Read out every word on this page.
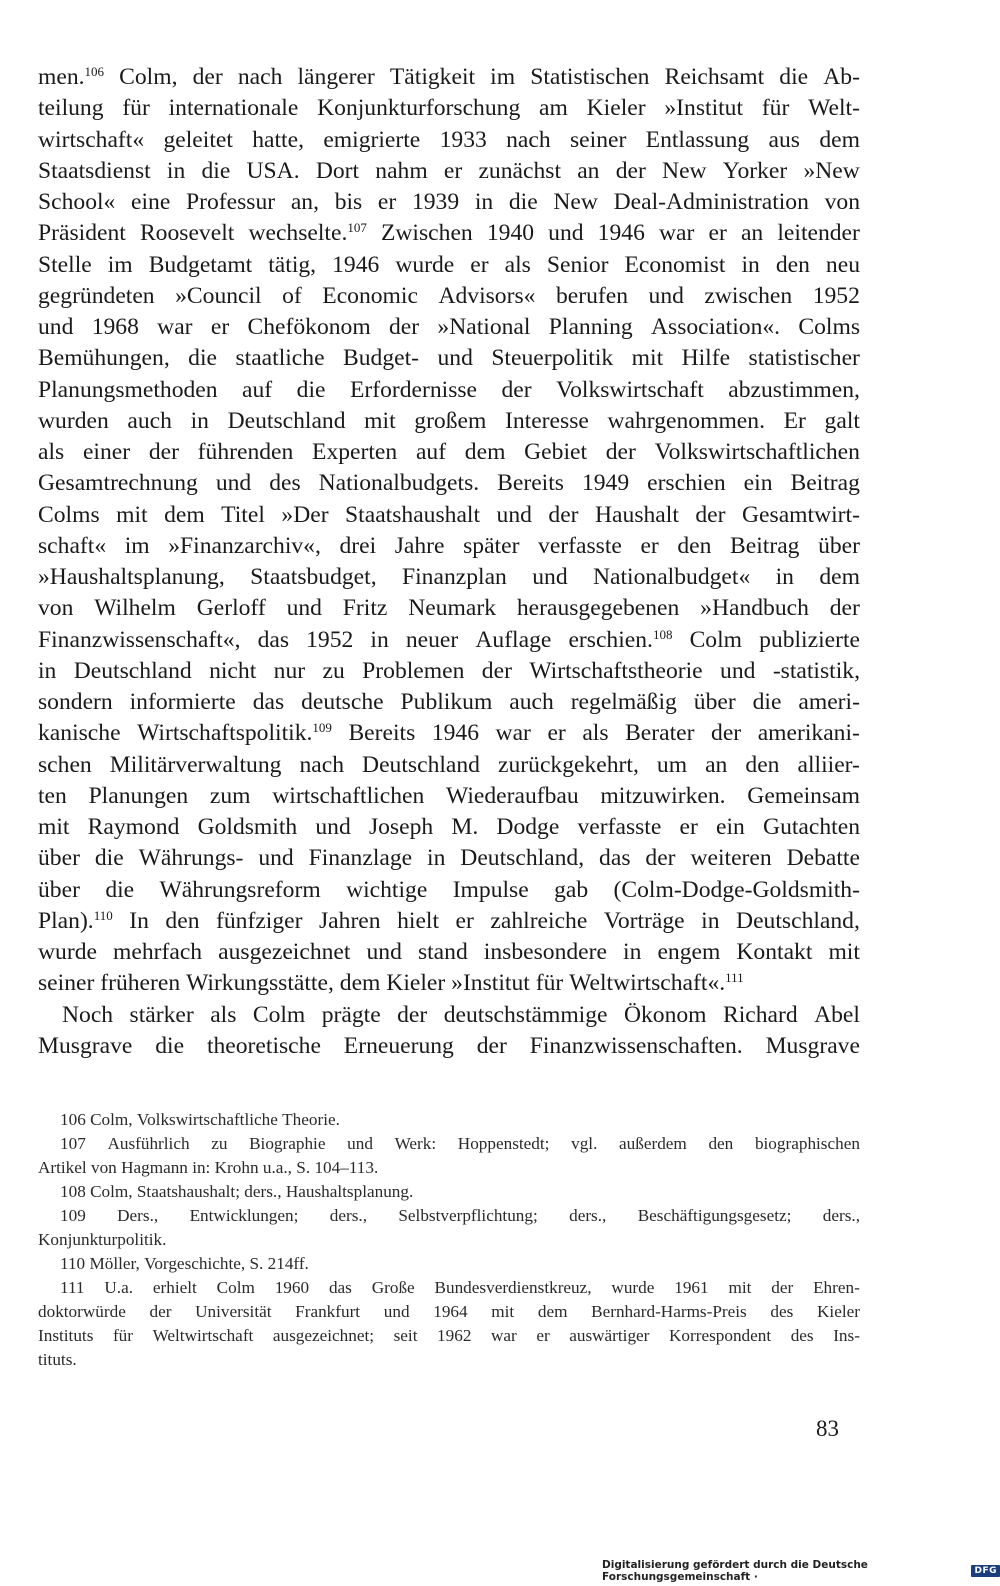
men.$^{106}$ Colm, der nach längerer Tätigkeit im Statistischen Reichsamt die Ab-
teilung für internationale Konjunkturforschung am Kieler »Institut für Welt-
wirtschaft« geleitet hatte, emigrierte 1933 nach seiner Entlassung aus dem
Staatsdienst in die USA. Dort nahm er zunächst an der New Yorker »New
School« eine Professur an, bis er 1939 in die New Deal-Administration von
Präsident Roosevelt wechselte.$^{107}$ Zwischen 1940 und 1946 war er an leitender
Stelle im Budgetamt tätig, 1946 wurde er als Senior Economist in den neu
gegründeten »Council of Economic Advisors« berufen und zwischen 1952
und 1968 war er Chefökonom der »National Planning Association«. Colms
Bemühungen, die staatliche Budget- und Steuerpolitik mit Hilfe statistischer
Planungsmethoden auf die Erfordernisse der Volkswirtschaft abzustimmen,
wurden auch in Deutschland mit großem Interesse wahrgenommen. Er galt
als einer der führenden Experten auf dem Gebiet der Volkswirtschaftlichen
Gesamtrechnung und des Nationalbudgets. Bereits 1949 erschien ein Beitrag
Colms mit dem Titel »Der Staatshaushalt und der Haushalt der Gesamtwirt-
schaft« im »Finanzarchiv«, drei Jahre später verfasste er den Beitrag über
»Haushaltsplanung, Staatsbudget, Finanzplan und Nationalbudget« in dem
von Wilhelm Gerloff und Fritz Neumark herausgegebenen »Handbuch der
Finanzwissenschaft«, das 1952 in neuer Auflage erschien.$^{108}$ Colm publizierte
in Deutschland nicht nur zu Problemen der Wirtschaftstheorie und -statistik,
sondern informierte das deutsche Publikum auch regelmäßig über die ameri-
kanische Wirtschaftspolitik.$^{109}$ Bereits 1946 war er als Berater der amerikani-
schen Militärverwaltung nach Deutschland zurückgekehrt, um an den alliier-
ten Planungen zum wirtschaftlichen Wiederaufbau mitzuwirken. Gemeinsam
mit Raymond Goldsmith und Joseph M. Dodge verfasste er ein Gutachten
über die Währungs- und Finanzlage in Deutschland, das der weiteren Debatte
über die Währungsreform wichtige Impulse gab (Colm-Dodge-Goldsmith-
Plan).$^{110}$ In den fünfziger Jahren hielt er zahlreiche Vorträge in Deutschland,
wurde mehrfach ausgezeichnet und stand insbesondere in engem Kontakt mit
seiner früheren Wirkungsstätte, dem Kieler »Institut für Weltwirtschaft«.$^{111}$
Noch stärker als Colm prägte der deutschstämmige Ökonom Richard Abel
Musgrave die theoretische Erneuerung der Finanzwissenschaften. Musgrave
106 Colm, Volkswirtschaftliche Theorie.
107 Ausführlich zu Biographie und Werk: Hoppenstedt; vgl. außerdem den biographischen
Artikel von Hagmann in: Krohn u.a., S. 104–113.
108 Colm, Staatshaushalt; ders., Haushaltsplanung.
109 Ders., Entwicklungen; ders., Selbstverpflichtung; ders., Beschäftigungsgesetz; ders.,
Konjunkturpolitik.
110 Möller, Vorgeschichte, S. 214ff.
111 U.a. erhielt Colm 1960 das Große Bundesverdienstkreuz, wurde 1961 mit der Ehren-
doktorwürde der Universität Frankfurt und 1964 mit dem Bernhard-Harms-Preis des Kieler
Instituts für Weltwirtschaft ausgezeichnet; seit 1962 war er auswärtiger Korrespondent des Ins-
tituts.
83
Digitalisierung gefördert durch die Deutsche Forschungsgemeinschaft ·	DFG
